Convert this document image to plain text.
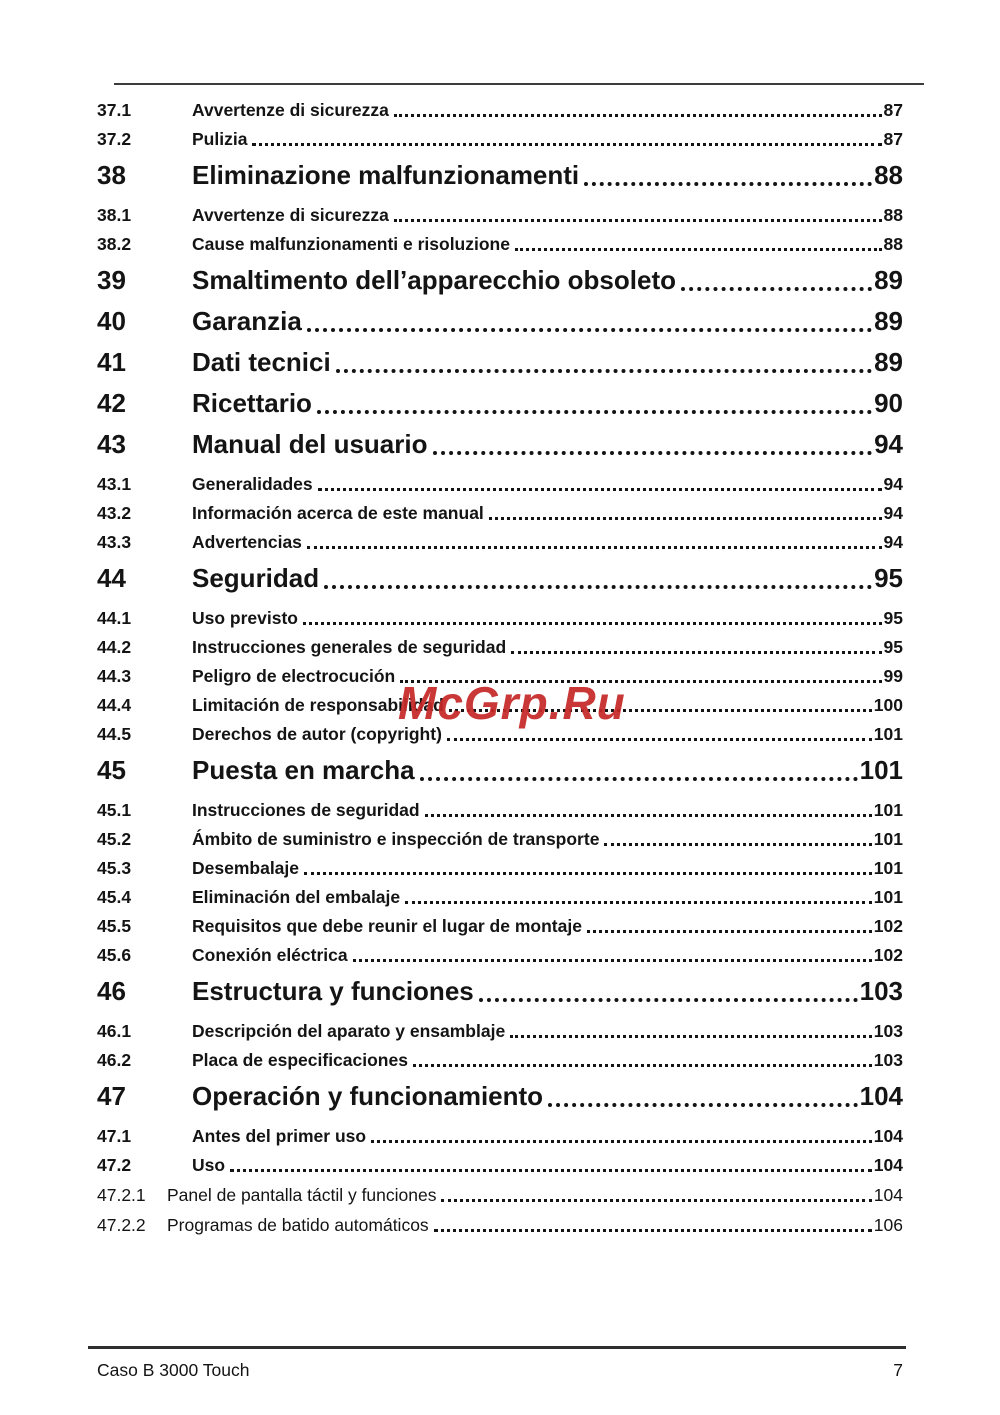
37.1	Avvertenze di sicurezza	87
37.2	Pulizia	87
38	Eliminazione malfunzionamenti	88
38.1	Avvertenze di sicurezza	88
38.2	Cause malfunzionamenti e risoluzione	88
39	Smaltimento dell’apparecchio obsoleto	89
40	Garanzia	89
41	Dati tecnici	89
42	Ricettario	90
43	Manual del usuario	94
43.1	Generalidades	94
43.2	Información acerca de este manual	94
43.3	Advertencias	94
44	Seguridad	95
44.1	Uso previsto	95
44.2	Instrucciones generales de seguridad	95
44.3	Peligro de electrocución	99
44.4	Limitación de responsabilidad	100
44.5	Derechos de autor (copyright)	101
45	Puesta en marcha	101
45.1	Instrucciones de seguridad	101
45.2	Ámbito de suministro e inspección de transporte	101
45.3	Desembalaje	101
45.4	Eliminación del embalaje	101
45.5	Requisitos que debe reunir el lugar de montaje	102
45.6	Conexión eléctrica	102
46	Estructura y funciones	103
46.1	Descripción del aparato y ensamblaje	103
46.2	Placa de especificaciones	103
47	Operación y funcionamiento	104
47.1	Antes del primer uso	104
47.2	Uso	104
47.2.1	Panel de pantalla táctil y funciones	104
47.2.2	Programas de batido automáticos	106
McGrp.Ru
Caso B 3000 Touch	7
